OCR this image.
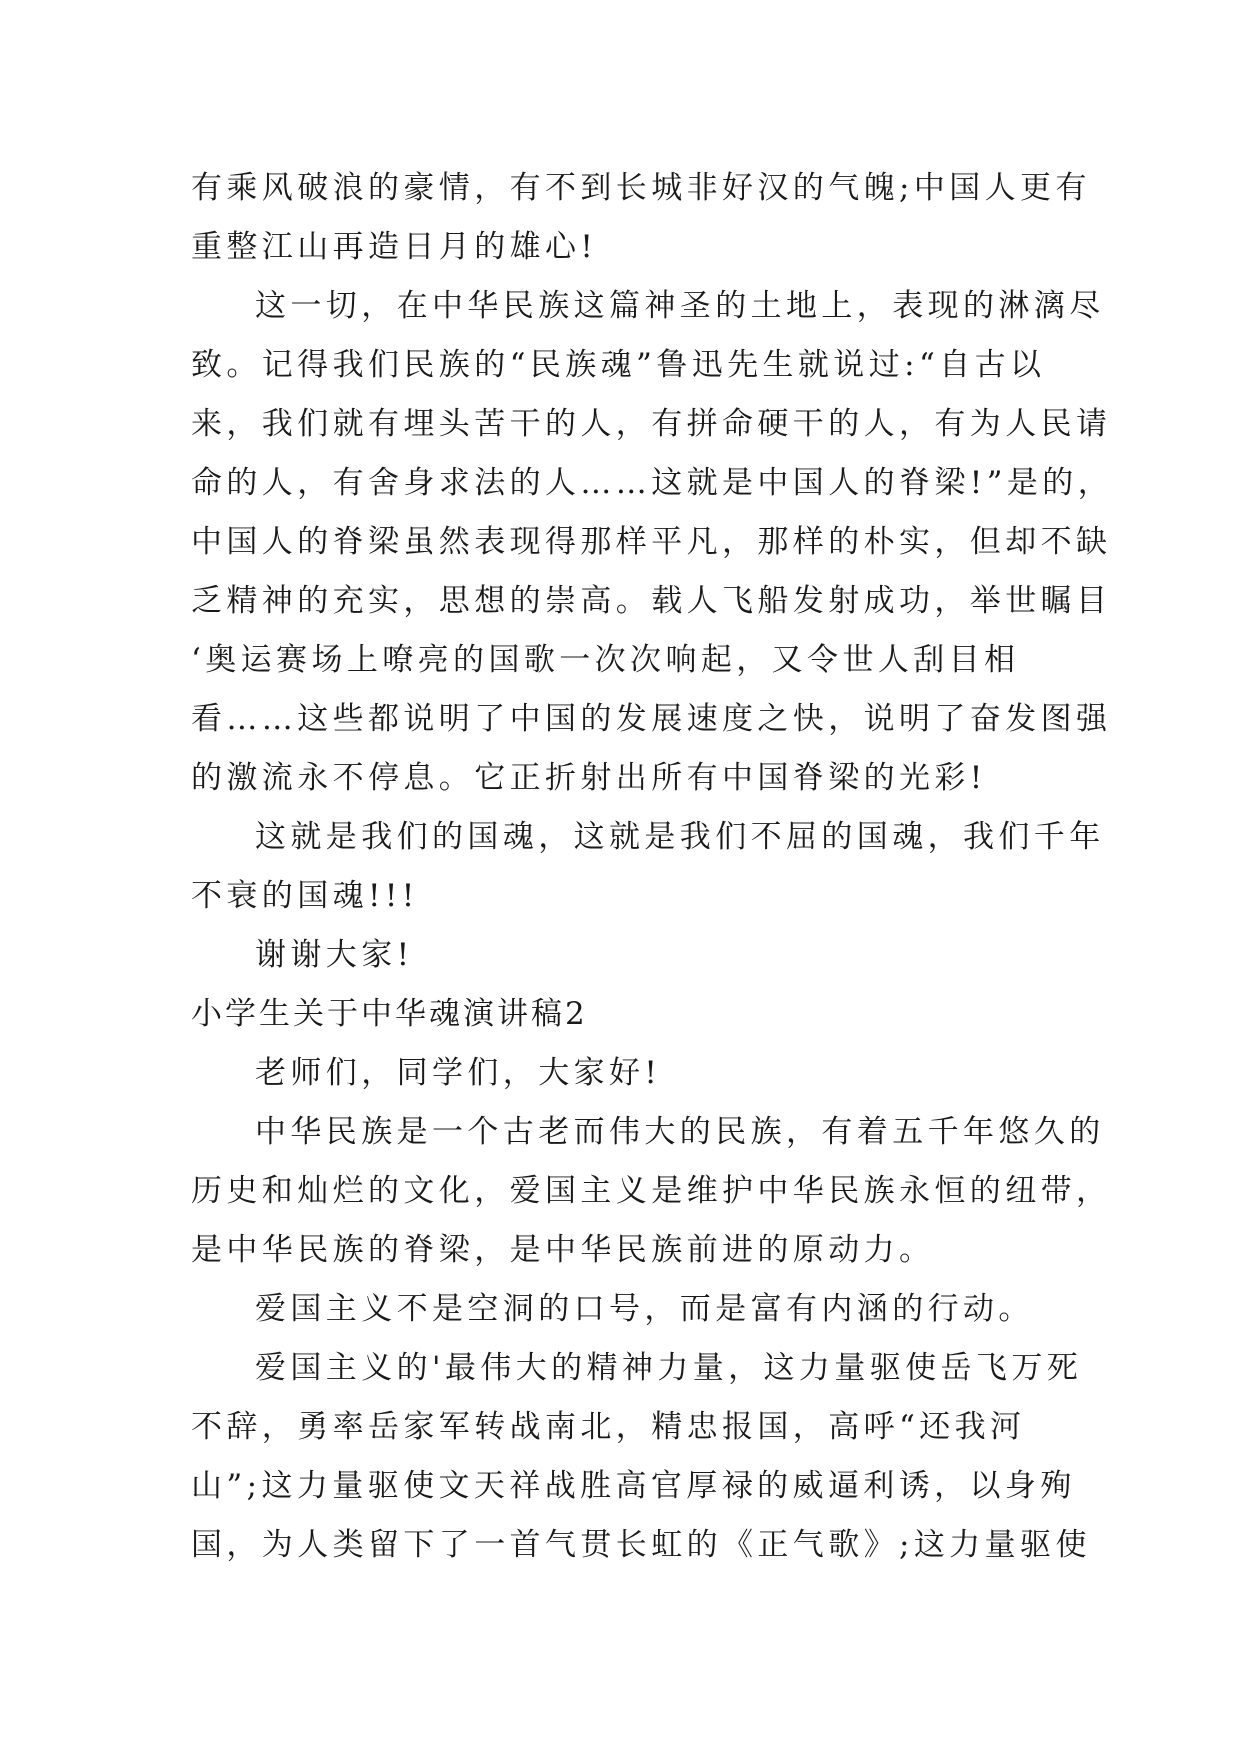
有乘风破浪的豪情，有不到长城非好汉的气魄;中国人更有

重整江山再造日月的雄心!

这一切，在中华民族这篇神圣的土地上，表现的淋漓尽

致。记得我们民族的“民族魂”鲁迅先生就说过:“自古以

来，我们就有埋头苦干的人，有拼命硬干的人，有为人民请

命的人，有舍身求法的人……这就是中国人的脊梁!”是的，

中国人的脊梁虽然表现得那样平凡，那样的朴实，但却不缺

乏精神的充实，思想的崇高。载人飞船发射成功，举世瞩目

‘奥运赛场上嘹亮的国歌一次次响起，又令世人刮目相

看……这些都说明了中国的发展速度之快，说明了奋发图强

的激流永不停息。它正折射出所有中国脊梁的光彩!

这就是我们的国魂，这就是我们不屈的国魂，我们千年

不衰的国魂!!!

谢谢大家!

小学生关于中华魂演讲稿2

老师们，同学们，大家好!

中华民族是一个古老而伟大的民族，有着五千年悠久的

历史和灿烂的文化，爱国主义是维护中华民族永恒的纽带，

是中华民族的脊梁，是中华民族前进的原动力。

爱国主义不是空洞的口号，而是富有内涵的行动。

爱国主义的'最伟大的精神力量，这力量驱使岳飞万死

不辞，勇率岳家军转战南北，精忠报国，高呼“还我河

山”;这力量驱使文天祥战胜高官厚禄的威逼利诱，以身殉

国，为人类留下了一首气贯长虹的《正气歌》;这力量驱使
